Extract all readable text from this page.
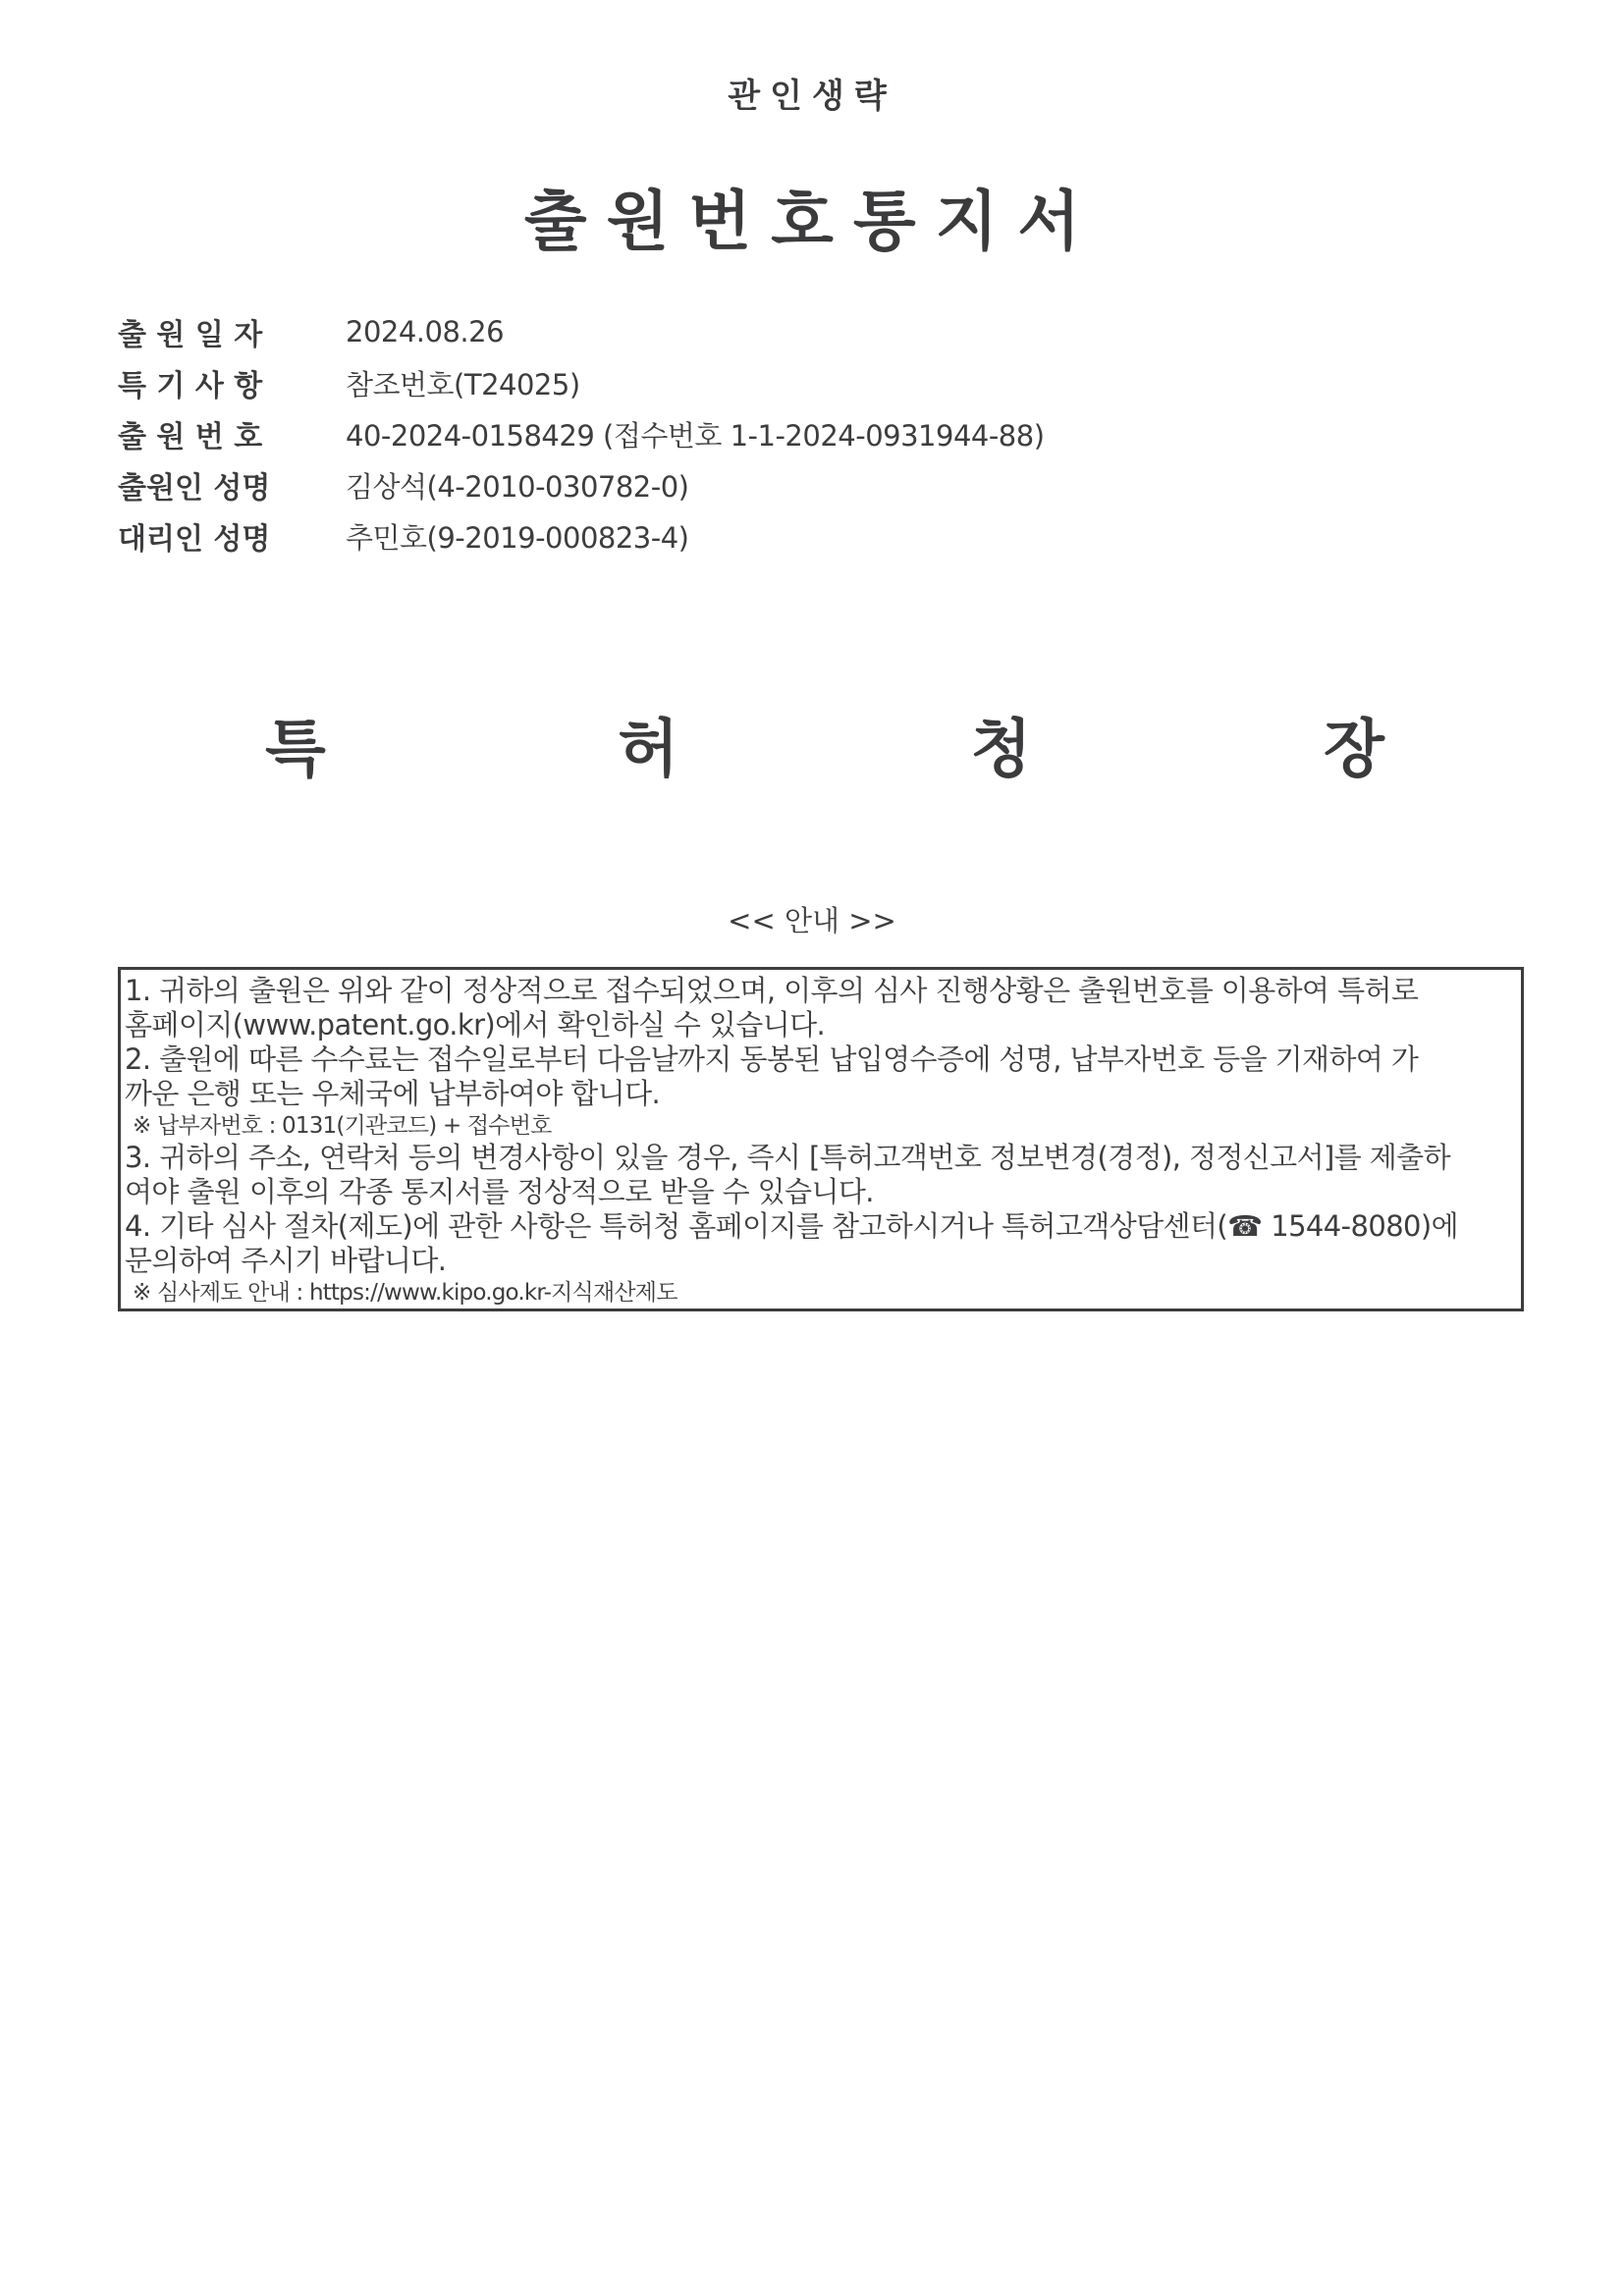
관인생략
출원번호통지서
출 원 일 자	2024.08.26
특 기 사 항	참조번호(T24025)
출 원 번 호	40-2024-0158429 (접수번호 1-1-2024-0931944-88)
출원인 성명	김상석(4-2010-030782-0)
대리인 성명	추민호(9-2019-000823-4)
특	허	청	장
<< 안내 >>
1. 귀하의 출원은 위와 같이 정상적으로 접수되었으며, 이후의 심사 진행상황은 출원번호를 이용하여 특허로
홈페이지(www.patent.go.kr)에서 확인하실 수 있습니다.
2. 출원에 따른 수수료는 접수일로부터 다음날까지 동봉된 납입영수증에 성명, 납부자번호 등을 기재하여 가
까운 은행 또는 우체국에 납부하여야 합니다.
※ 납부자번호 : 0131(기관코드) + 접수번호
3. 귀하의 주소, 연락처 등의 변경사항이 있을 경우, 즉시 [특허고객번호 정보변경(경정), 정정신고서]를 제출하
여야 출원 이후의 각종 통지서를 정상적으로 받을 수 있습니다.
4. 기타 심사 절차(제도)에 관한 사항은 특허청 홈페이지를 참고하시거나 특허고객상담센터(☎ 1544-8080)에
문의하여 주시기 바랍니다.
※ 심사제도 안내 : https://www.kipo.go.kr-지식재산제도
